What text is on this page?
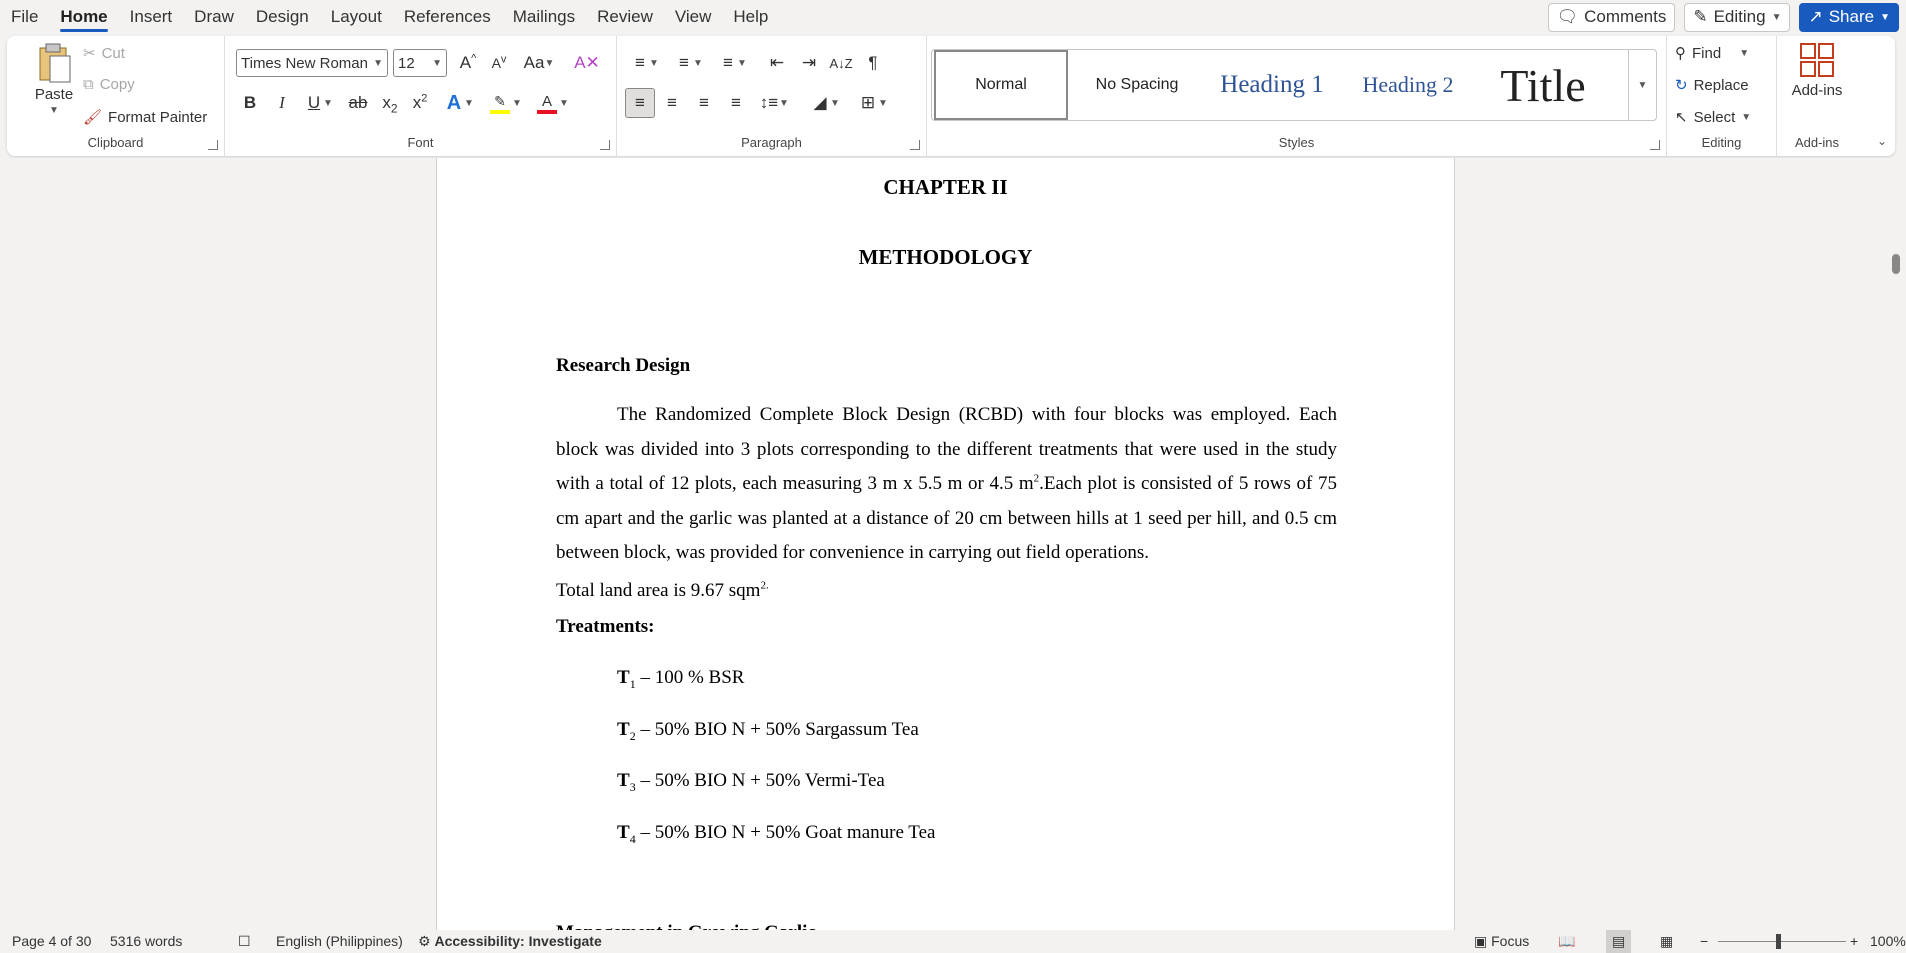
File	Home	Insert	Draw	Design	Layout	References	Mailings	Review	View	Help	🗨 Comments ✎ Editing ▼ ↗ Share ▼
Paste
▼
✂ Cut
⧉ Copy
🖌 Format Painter
Clipboard
Times New Roman ▼ 12 ▼ A^ $A^v$ Aa ▼ A✕
B I U ▼ ab $x_2$ $x^2$ A ▼ ✎ ▼ A ▼
Font
≡ ▼ ≡ ▼ ≡ ▼ ⇤ ⇥ A↓Z ¶
≡ ≡ ≡ ≡ ↕≡ ▼ ◢ ▼ ⊞ ▼
Paragraph
Normal	No Spacing	Heading 1	Heading 2	Title	▼
Styles
⚲ Find ▼
↻ Replace
↖ Select ▼
Editing
Add-ins
Add-ins	⌄
CHAPTER II
METHODOLOGY
Research Design
The Randomized Complete Block Design (RCBD) with four blocks was employed. Each block was divided into 3 plots corresponding to the different treatments that were used in the study with a total of 12 plots, each measuring 3 m x 5.5 m or 4.5 $m^2.Each$ plot is consisted of 5 rows of 75 cm apart and the garlic was planted at a distance of 20 cm between hills at 1 seed per hill, and 0.5 cm between block, was provided for convenience in carrying out field operations.
Total land area is 9.67 sqm$^{2.}$
Treatments:
$T_1 - 100$ % BSR
$T_2 - 50\%$ BIO N + 50% Sargassum Tea
$T_3 - 50\%$ BIO N + 50% Vermi-Tea
$T_4 - 50\%$ BIO N + 50% Goat manure Tea
Page 4 of 30 5316 words	☐ English (Philippines) ⚙ Accessibility: Investigate	▣ Focus 📖	▤	▦ −	+ 100%
